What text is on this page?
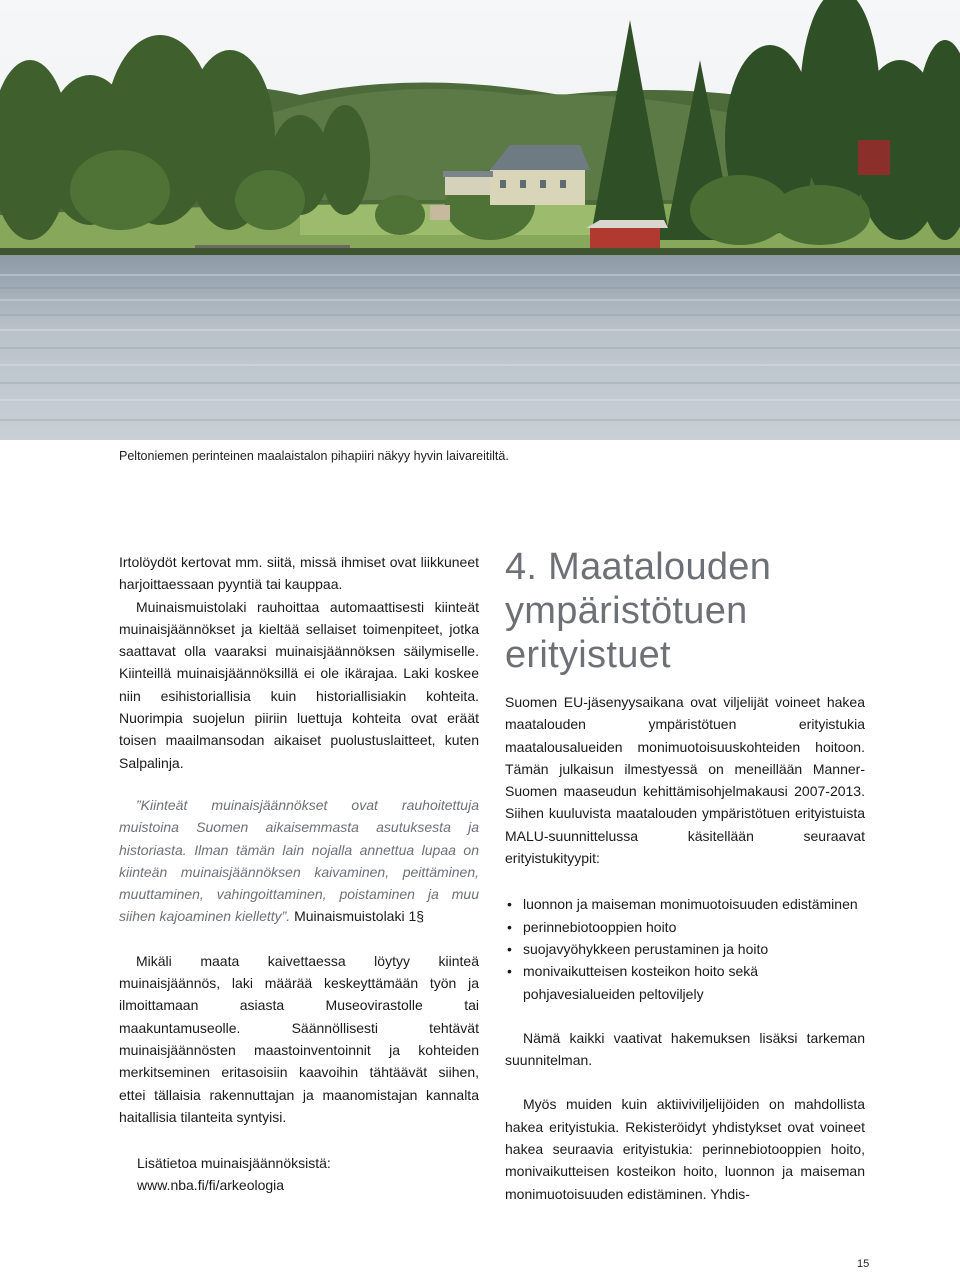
Peltoniemen perinteinen maalaistalon pihapiiri näkyy hyvin laivareitiltä.

Irtolöydöt kertovat mm. siitä, missä ihmiset ovat liikkuneet harjoittaessaan pyyntiä tai kauppaa.

Muinaismuistolaki rauhoittaa automaattisesti kiinteät muinaisjäännökset ja kieltää sellaiset toimenpiteet, jotka saattavat olla vaaraksi muinaisjäännöksen säilymiselle. Kiinteillä muinaisjäännöksillä ei ole ikärajaa. Laki koskee niin esihistoriallisia kuin historiallisiakin kohteita. Nuorimpia suojelun piiriin luettuja kohteita ovat eräät toisen maailmansodan aikaiset puolustuslaitteet, kuten Salpalinja.

”Kiinteät muinaisjäännökset ovat rauhoitettuja muistoina Suomen aikaisemmasta asutuksesta ja historiasta. Ilman tämän lain nojalla annettua lupaa on kiinteän muinaisjäännöksen kaivaminen, peittäminen, muuttaminen, vahingoittaminen, poistaminen ja muu siihen kajoaminen kielletty”. Muinaismuistolaki 1§

Mikäli maata kaivettaessa löytyy kiinteä muinaisjäännös, laki määrää keskeyttämään työn ja ilmoittamaan asiasta Museovirastolle tai maakuntamuseolle. Säännöllisesti tehtävät muinaisjäännösten maastoinventoinnit ja kohteiden merkitseminen eritasoisiin kaavoihin tähtäävät siihen, ettei tällaisia rakennuttajan ja maanomistajan kannalta haitallisia tilanteita syntyisi.

Lisätietoa muinaisjäännöksistä:
www.nba.fi/fi/arkeologia
4. Maatalouden
ympäristötuen
erityistuet

Suomen EU-jäsenyysaikana ovat viljelijät voineet hakea maatalouden ympäristötuen erityistukia maatalousalueiden monimuotoisuuskohteiden hoitoon. Tämän julkaisun ilmestyessä on meneillään Manner-Suomen maaseudun kehittämisohjelmakausi 2007-2013. Siihen kuuluvista maatalouden ympäristötuen erityistuista MALU-suunnittelussa käsitellään seuraavat erityistukityypit:

• luonnon ja maiseman monimuotoisuuden edistäminen
• perinnebiotooppien hoito
• suojavyöhykkeen perustaminen ja hoito
• monivaikutteisen kosteikon hoito sekä pohjavesialueiden peltoviljely

Nämä kaikki vaativat hakemuksen lisäksi tarkeman suunnitelman.

Myös muiden kuin aktiiviviljelijöiden on mahdollista hakea erityistukia. Rekisteröidyt yhdistykset ovat voineet hakea seuraavia erityistukia: perinnebiotooppien hoito, monivaikutteisen kosteikon hoito, luonnon ja maiseman monimuotoisuuden edistäminen. Yhdis-

15
